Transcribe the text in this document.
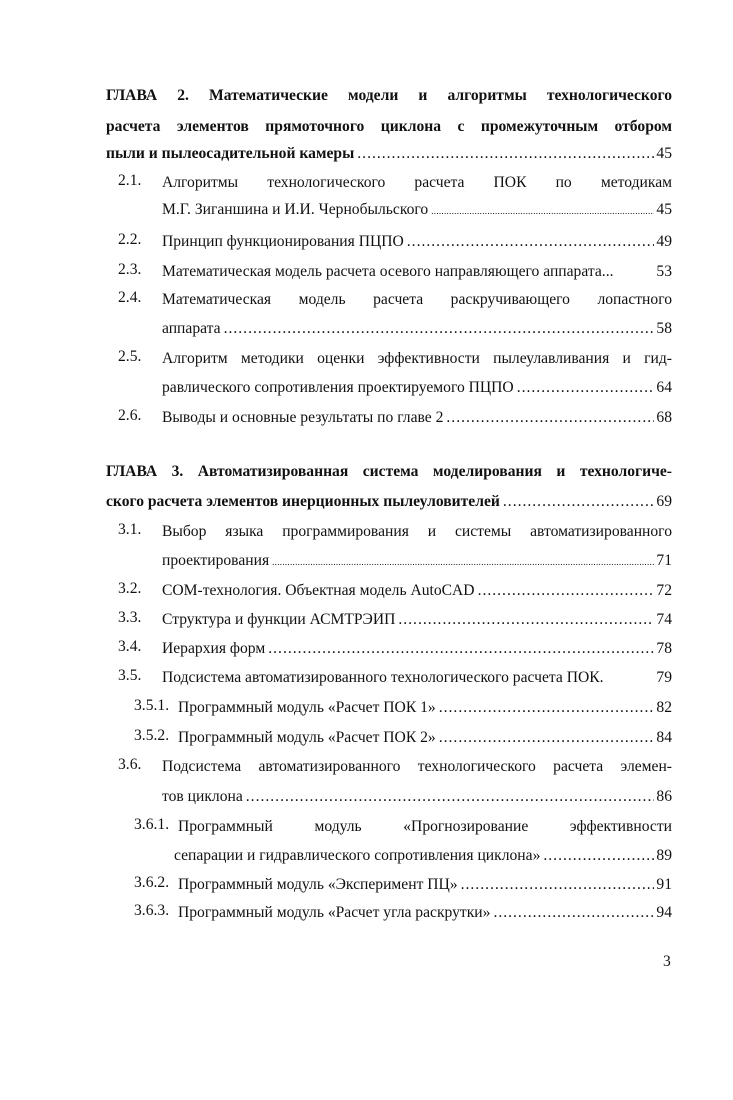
ГЛАВА 2. Математические модели и алгоритмы технологического
расчета элементов прямоточного циклона с промежуточным отбором
пыли и пылеосадительной камеры .....	45
2.1. Алгоритмы технологического расчета ПОК по методикам
М.Г. Зиганшина и И.И. Чернобыльского .....	45
2.2. Принцип функционирования ПЦПО .....	49
2.3. Математическая модель расчета осевого направляющего аппарата...	53
2.4. Математическая модель расчета раскручивающего лопастного
аппарата .....	58
2.5. Алгоритм методики оценки эффективности пылеулавливания и гид-
равлического сопротивления проектируемого ПЦПО .....	64
2.6. Выводы и основные результаты по главе 2 .....	68
ГЛАВА 3. Автоматизированная система моделирования и технологиче-
ского расчета элементов инерционных пылеуловителей .....	69
3.1. Выбор языка программирования и системы автоматизированного
проектирования .....	71
3.2. COM-технология. Объектная модель AutoCAD .....	72
3.3. Структура и функции АСМТРЭИП .....	74
3.4. Иерархия форм .....	78
3.5. Подсистема автоматизированного технологического расчета ПОК.	79
3.5.1. Программный модуль «Расчет ПОК 1» .....	82
3.5.2. Программный модуль «Расчет ПОК 2» .....	84
3.6. Подсистема автоматизированного технологического расчета элемен-
тов циклона .....	86
3.6.1. Программный модуль «Прогнозирование эффективности
сепарации и гидравлического сопротивления циклона» .....	89
3.6.2. Программный модуль «Эксперимент ПЦ» .....	91
3.6.3. Программный модуль «Расчет угла раскрутки» .....	94
3
